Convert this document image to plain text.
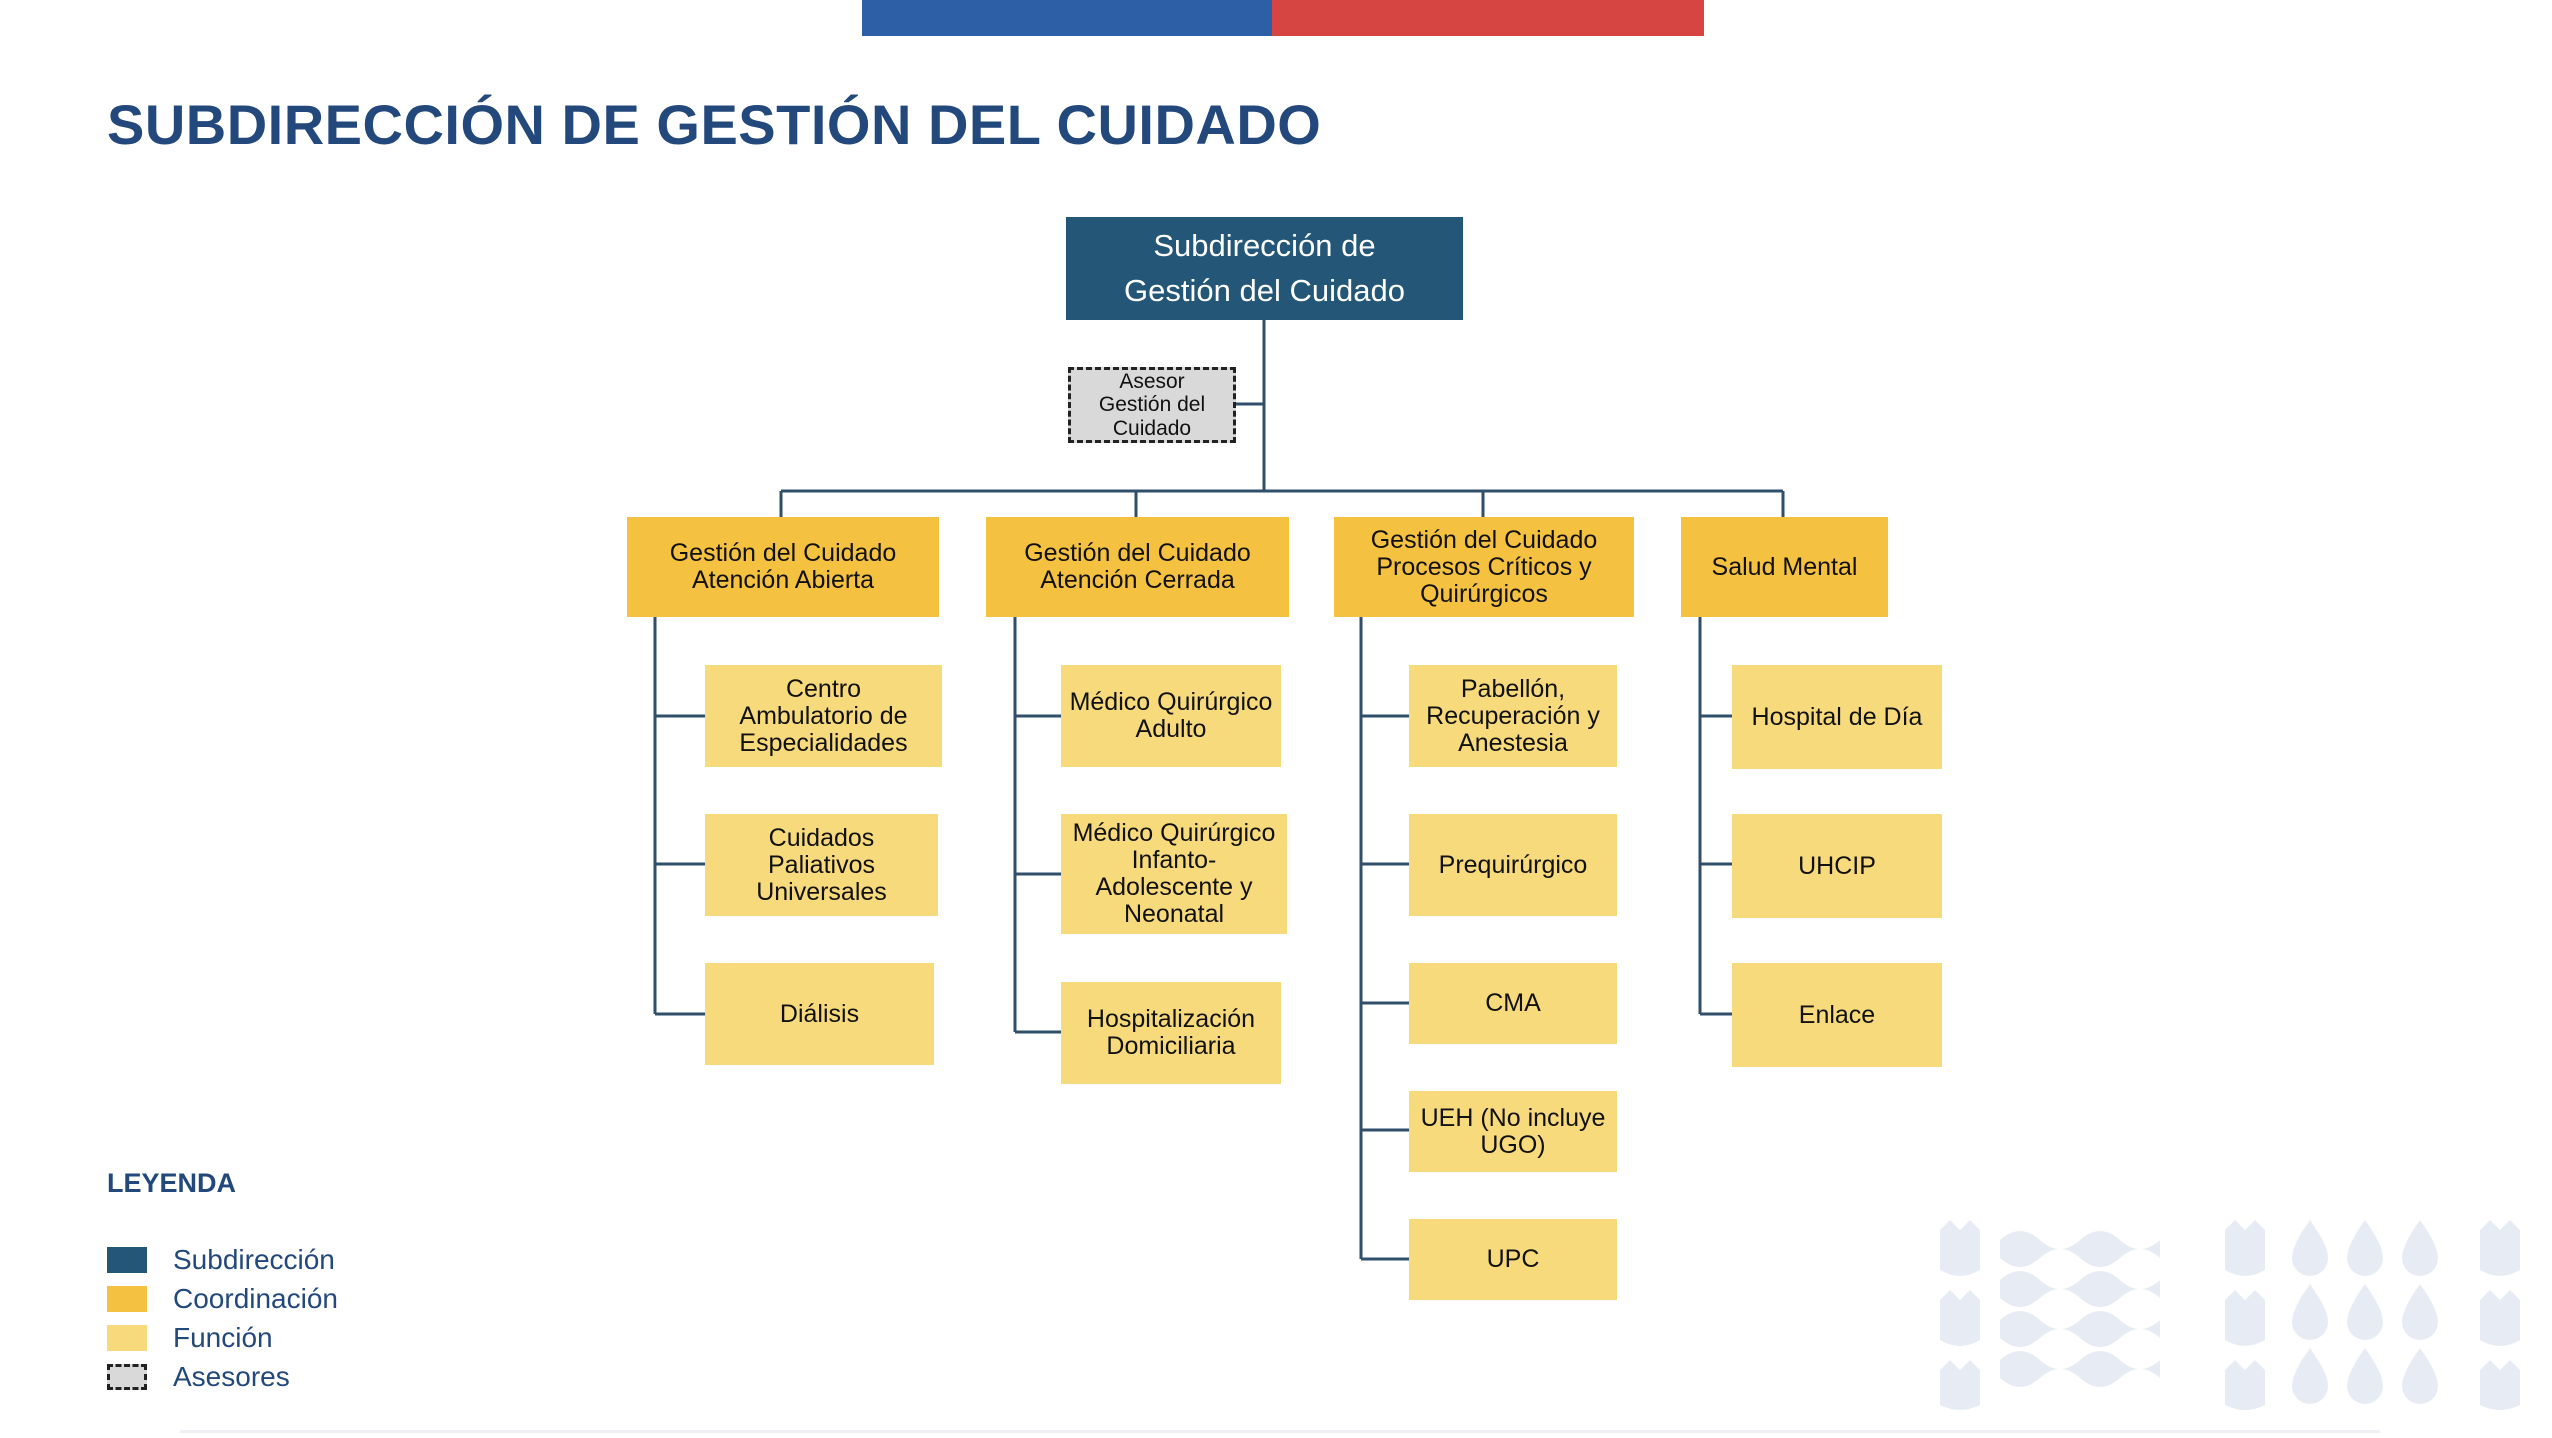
SUBDIRECCIÓN DE GESTIÓN DEL CUIDADO
Subdirección de
Gestión del Cuidado
Asesor
Gestión del
Cuidado
Gestión del Cuidado
Atención Abierta
Centro
Ambulatorio de
Especialidades
Cuidados
Paliativos
Universales
Diálisis
Gestión del Cuidado
Atención Cerrada
Médico Quirúrgico
Adulto
Médico Quirúrgico
Infanto-
Adolescente y
Neonatal
Hospitalización
Domiciliaria
Gestión del Cuidado
Procesos Críticos y
Quirúrgicos
Pabellón,
Recuperación y
Anestesia
Prequirúrgico
CMA
UEH (No incluye
UGO)
UPC
Salud Mental
Hospital de Día
UHCIP
Enlace
LEYENDA
Subdirección
Coordinación
Función
Asesores
